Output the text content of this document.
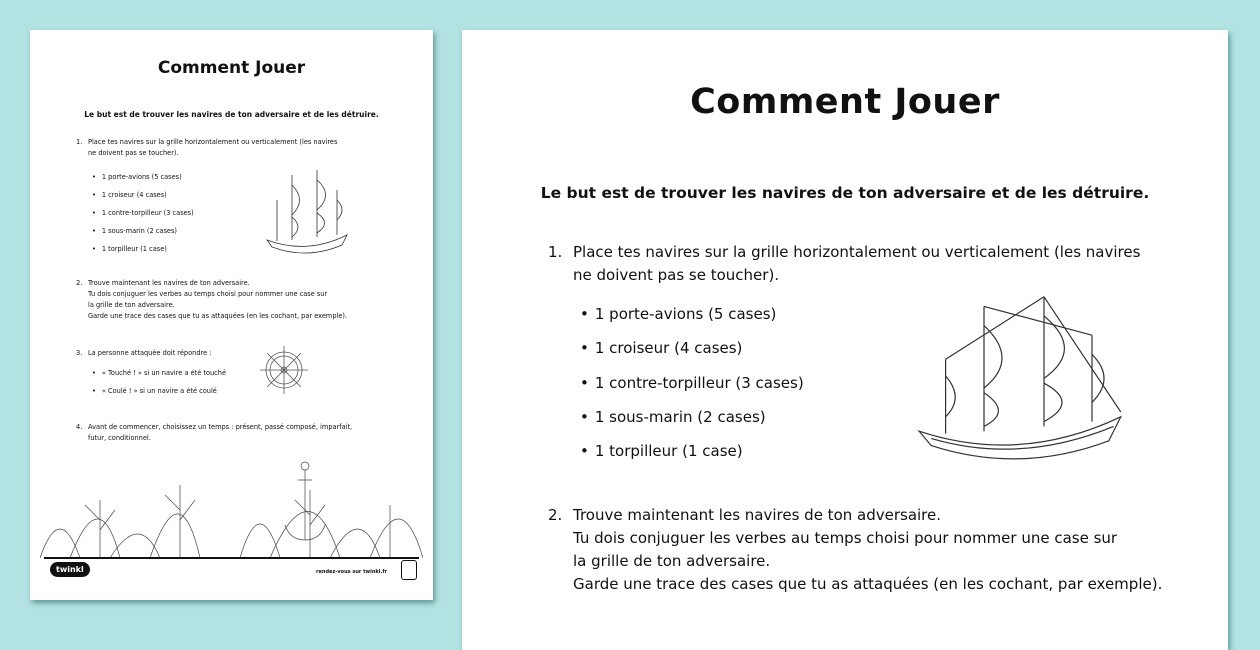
Comment Jouer
Le but est de trouver les navires de ton adversaire et de les détruire.
1. Place tes navires sur la grille horizontalement ou verticalement (les navires
ne doivent pas se toucher).
• 1 porte-avions (5 cases)
• 1 croiseur (4 cases)
• 1 contre-torpilleur (3 cases)
• 1 sous-marin (2 cases)
• 1 torpilleur (1 case)
2. Trouve maintenant les navires de ton adversaire.
Tu dois conjuguer les verbes au temps choisi pour nommer une case sur
la grille de ton adversaire.
Garde une trace des cases que tu as attaquées (en les cochant, par exemple).
3. La personne attaquée doit répondre :
• « Touché ! » si un navire a été touché
• « Coulé ! » si un navire a été coulé
4. Avant de commencer, choisissez un temps : présent, passé composé, imparfait,
futur, conditionnel.
twinkl	rendez-vous sur twinkl.fr
Comment Jouer
Le but est de trouver les navires de ton adversaire et de les détruire.
1. Place tes navires sur la grille horizontalement ou verticalement (les navires
ne doivent pas se toucher).
• 1 porte-avions (5 cases)
• 1 croiseur (4 cases)
• 1 contre-torpilleur (3 cases)
• 1 sous-marin (2 cases)
• 1 torpilleur (1 case)
2. Trouve maintenant les navires de ton adversaire.
Tu dois conjuguer les verbes au temps choisi pour nommer une case sur
la grille de ton adversaire.
Garde une trace des cases que tu as attaquées (en les cochant, par exemple).
